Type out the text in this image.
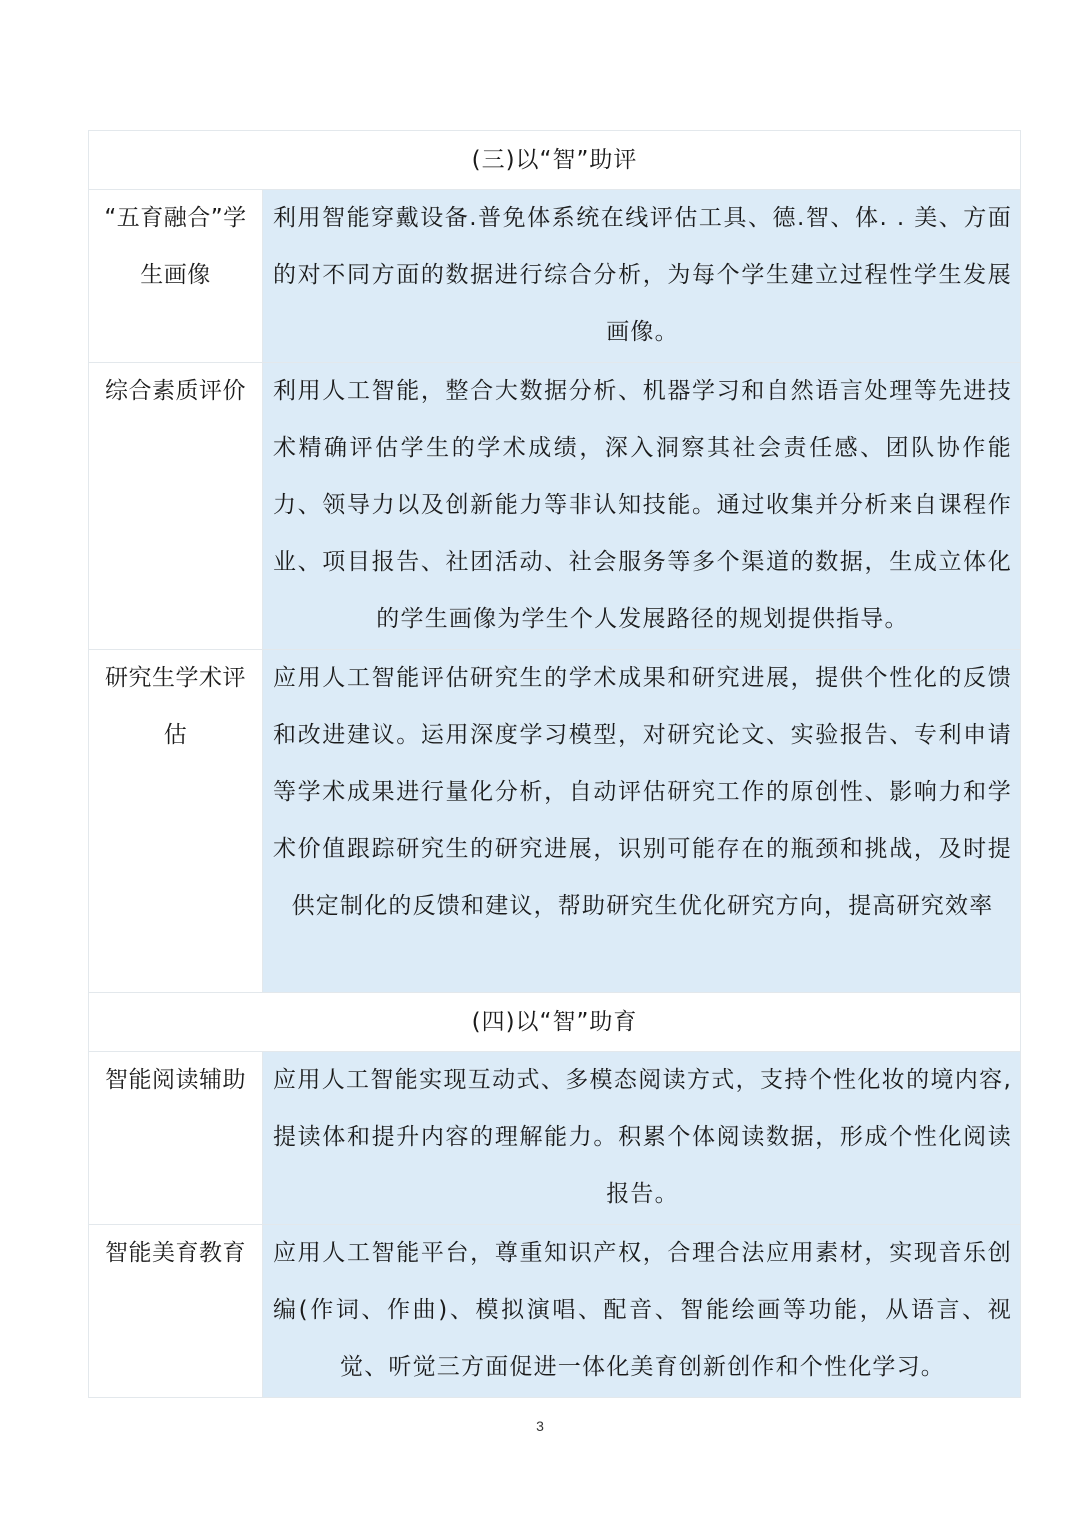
(三)以“智”助评	
“五育融合”学生画像	利用智能穿戴设备.普免体系统在线评估工具、德.智、体. . 美、方面的对不同方面的数据进行综合分析，为每个学生建立过程性学生发展画像。
综合素质评价	利用人工智能，整合大数据分析、机器学习和自然语言处理等先进技术精确评估学生的学术成绩，深入洞察其社会责任感、团队协作能力、领导力以及创新能力等非认知技能。通过收集并分析来自课程作业、项目报告、社团活动、社会服务等多个渠道的数据，生成立体化的学生画像为学生个人发展路径的规划提供指导。
研究生学术评估	应用人工智能评估研究生的学术成果和研究进展，提供个性化的反馈和改进建议。运用深度学习模型，对研究论文、实验报告、专利申请等学术成果进行量化分析，自动评估研究工作的原创性、影响力和学术价值跟踪研究生的研究进展，识别可能存在的瓶颈和挑战，及时提供定制化的反馈和建议，帮助研究生优化研究方向，提高研究效率
(四)以“智”助育	
智能阅读辅助	应用人工智能实现互动式、多模态阅读方式，支持个性化妆的境内容, 提读体和提升内容的理解能力。积累个体阅读数据，形成个性化阅读报告。
智能美育教育	应用人工智能平台，尊重知识产权，合理合法应用素材，实现音乐创编(作词、作曲)、模拟演唱、配音、智能绘画等功能，从语言、视觉、听觉三方面促进一体化美育创新创作和个性化学习。
3
